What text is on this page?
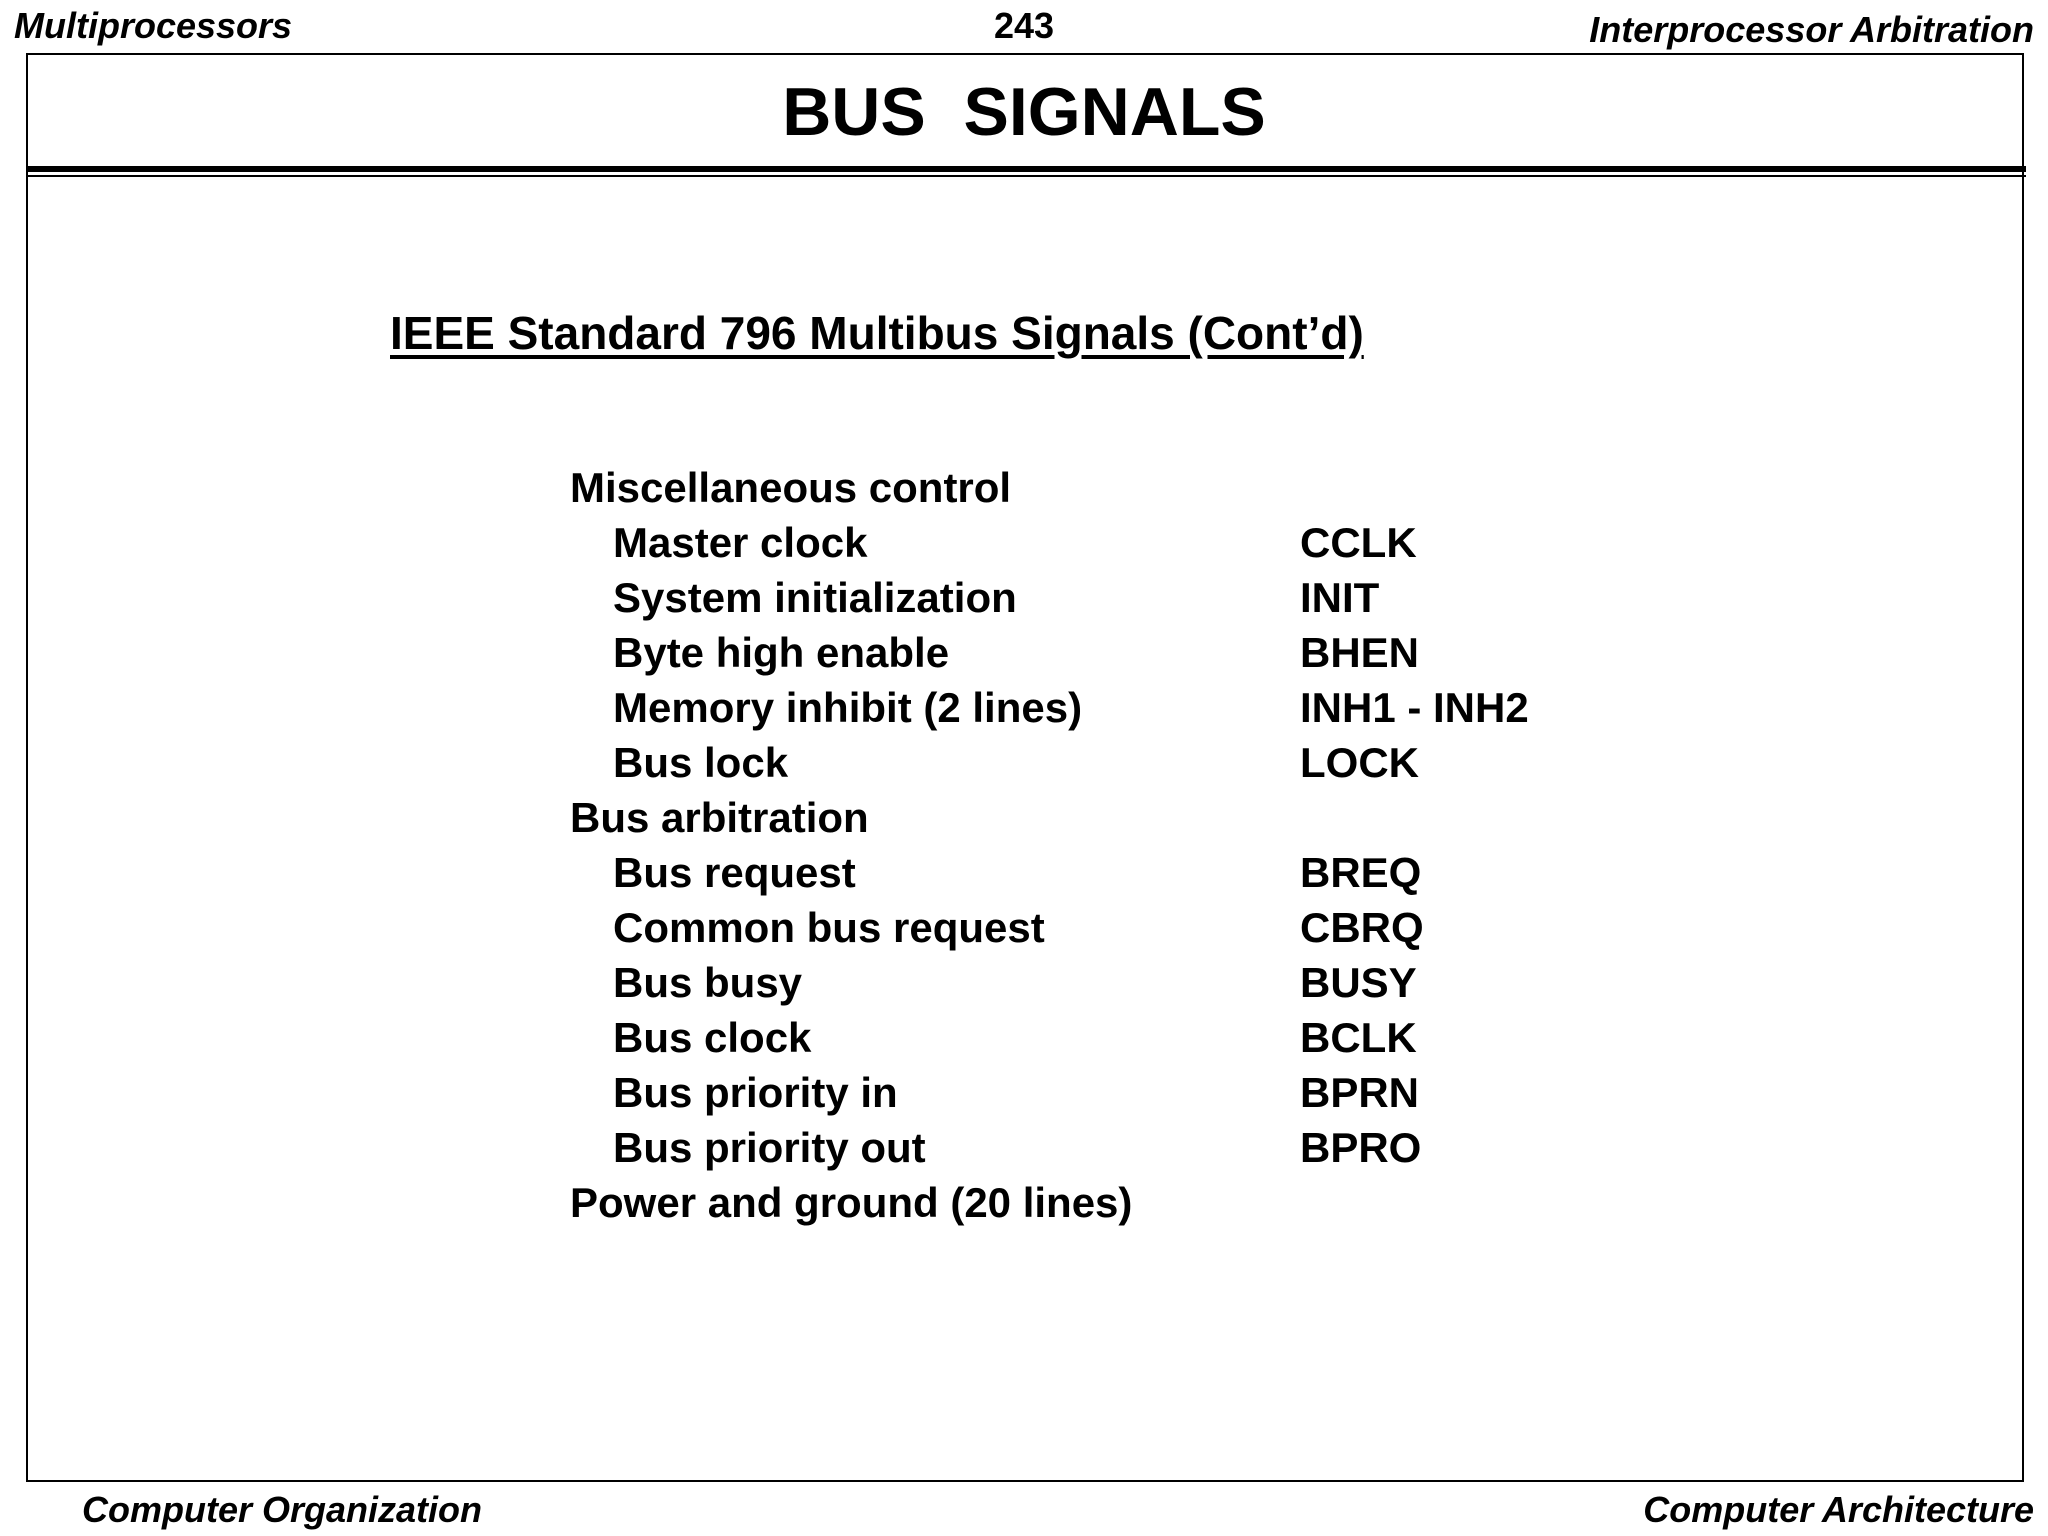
Multiprocessors	243	Interprocessor Arbitration
BUS  SIGNALS
IEEE Standard 796 Multibus Signals (Cont’d)
Miscellaneous control
Master clock	CCLK
System initialization	INIT
Byte high enable	BHEN
Memory inhibit (2 lines)	INH1 - INH2
Bus lock	LOCK
Bus arbitration
Bus request	BREQ
Common bus request	CBRQ
Bus busy	BUSY
Bus clock	BCLK
Bus priority in	BPRN
Bus priority out	BPRO
Power and ground (20 lines)
Computer Organization	Computer Architecture
